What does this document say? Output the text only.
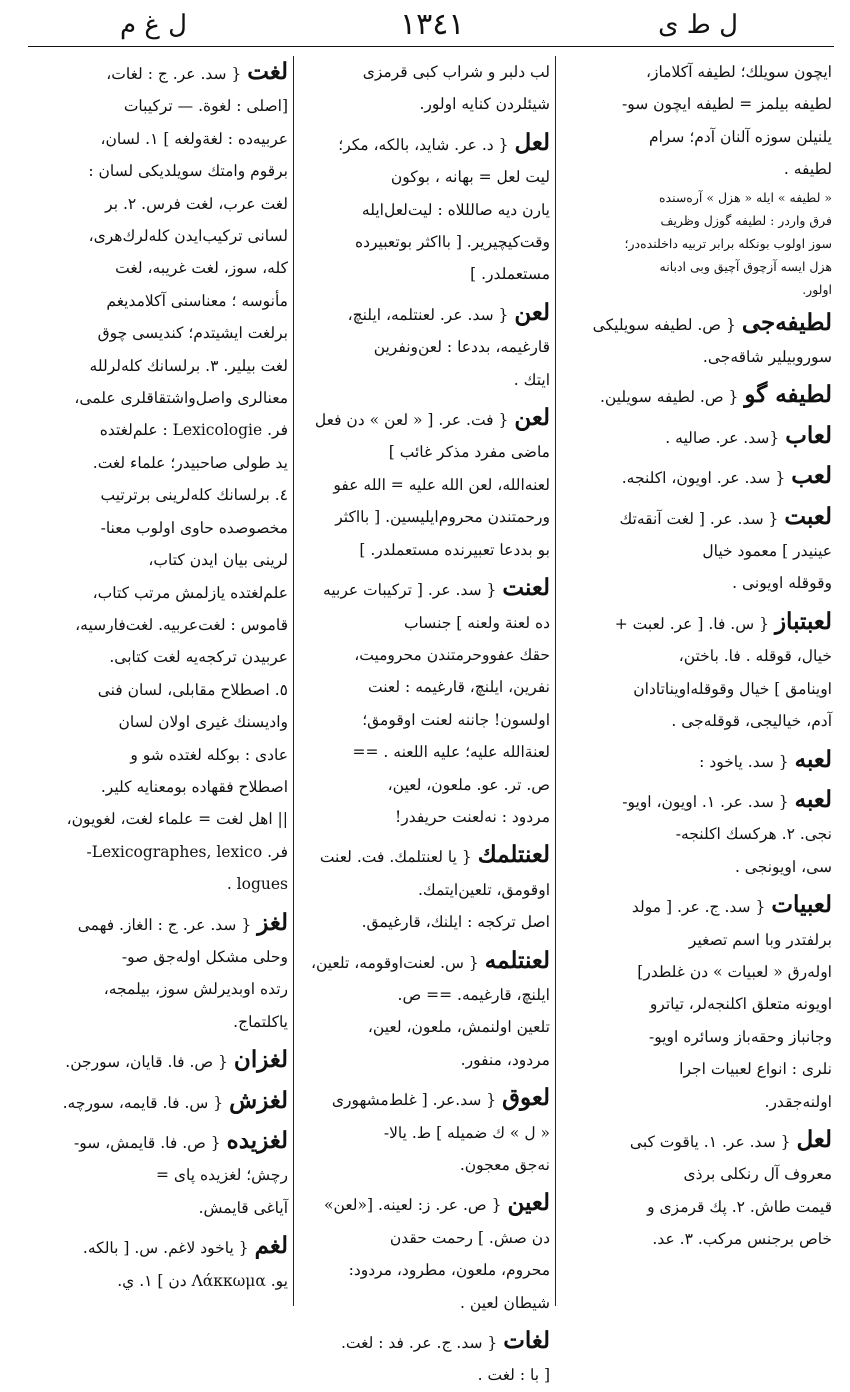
ل غ م	١٣٤١	ل ط ى
ايچون سويلك؛ لطيفه آكلاماز،
لطيفه بيلمز = لطيفه ايچون سو-
يلنيلن سوزه آلنان آدم؛ سرام
لطيفه .
« لطيفه » ايله « هزل » آره‌سنده
فرق واردر : لطيفه گوزل وظريف
سوز اولوب بونكله برابر تربيه داخلنده‌در؛
هزل ايسه آزچوق آچيق وبى ادبانه
اولور.
لطيفه‌جى{ ص. لطيفه سويليكى
سوروبيلير شاقه‌جى.
لطيفه گو{ ص. لطيفه سويلين.
لعاب{سد. عر. صاليه .
لعب{ سد. عر. اويون، اكلنجه.
لعبت{ سد. عر. [ لغت آنقه‌تك
عينيدر ] معمود خيال
وقوقله اويونى .
لعبتباز{ س. فا. [ عر. لعبت +
خيال، قوقله . فا. باختن،
اوينامق ] خيال وقوقله‌اويناتادان
آدم، خياليجى، قوقله‌جى .
لعبه{ سد. ياخود :
لعبه{ سد. عر. ١. اويون، اويو-
نجى. ٢. هركسك اكلنجه-
سى، اويونجى .
لعبيات{ سد. ج. عر. [ مولد
برلفتدر وبا اسم تصغير
اوله‌رق « لعبيات » دن غلطدر]
اويونه متعلق اكلنجه‌لر، تياترو
وجانباز وحقه‌باز وسائره اويو-
نلرى : انواع لعبيات اجرا
اولنه‌جقدر.
لعل{ سد. عر. ١. ياقوت كبى
معروف آل رنكلى برذى
قيمت طاش. ٢. پك قرمزى و
خاص برجنس مركب. ٣. عد.
لب دلبر و شراب كبى قرمزى
شيئلردن كنايه اولور.
لعل{ د. عر. شايد، بالكه، مكر؛
ليت لعل = بهانه ، بوكون
يارن ديه صالللاه : ليت‌لعل‌ايله
وقت‌كيچيرير. [ بااكثر بوتعبيرده
مستعملدر. ]
لعن{ سد. عر. لعنتلمه، ايلنچ،
قارغيمه، بددعا : لعن‌ونفرين
ايتك .
لعن{ فت. عر. [ « لعن » دن فعل
ماضى مفرد مذكر غائب ]
لعنه‌الله، لعن الله عليه = الله عفو
ورحمتندن محروم‌ايليسين. [ بااكثر
بو بددعا تعبيرنده مستعملدر. ]
لعنت{ سد. عر. [ تركيبات عربيه
ده لعنة ولعنه ] جنساب
حقك عفووحرمتندن محروميت،
نفرين، ايلنچ، قارغيمه : لعنت
اولسون! جاننه لعنت اوقومق؛
لعنةالله عليه؛ عليه اللعنه . ==
ص. تر. عو. ملعون، لعين،
مردود : نه‌لعنت حريفدر!
لعنتلمك{ يا لعنتلمك. فت. لعنت
اوقومق، تلعين‌ايتمك.
اصل تركجه : ايلنك، قارغيمق.
لعنتلمه{ س. لعنت‌اوقومه، تلعين،
ايلنچ، قارغيمه. == ص.
تلعين اولنمش، ملعون، لعين،
مردود، منفور.
لعوق{ سد.عر. [ غلط‌مشهورى
« ل » ك ضميله ] ط. يالا-
نه‌جق معجون.
لعين{ ص. عر. ز: لعينه. [«لعن»
دن صش. ] رحمت حقدن
محروم، ملعون، مطرود، مردود:
شيطان لعين .
لغات{ سد. ج. عر. فد : لغت.
[ با : لغت .
لغت{ سد. عر. ج : لغات،
[اصلى : لغوة. — تركيبات
عربيه‌ده : لغةولغه ] ١. لسان،
برقوم وامتك سويلديكى لسان :
لغت عرب، لغت فرس. ٢. بر
لسانى تركيب‌ايدن كله‌لرك‌هرى،
كله، سوز، لغت غريبه، لغت
مأنوسه ؛ معناسنى آكلامديغم
برلغت ايشيتدم؛ كنديسى چوق
لغت بيلير. ٣. برلسانك كله‌لرلله
معنالرى واصل‌واشتقاقلرى علمى،
فر. Lexicologie : علم‌لغتده
يد طولى صاحبيدر؛ علماء لغت.
٤. برلسانك كله‌لرينى برترتيب
مخصوصده حاوى اولوب معنا-
لرينى بيان ايدن كتاب،
علم‌لغتده يازلمش مرتب كتاب،
قاموس : لغت‌عربيه. لغت‌فارسيه،
عربيدن تركجه‌يه لغت كتابى.
٥. اصطلاح مقابلى، لسان فنى
واديسنك غيرى اولان لسان
عادى : بوكله لغتده شو و
اصطلاح فقهاده بومعنايه كلير.
|| اهل لغت = علماء لغت، لغويون،
فر. Lexicographes, lexico-
logues .
لغز{ سد. عر. ج : الغاز. فهمى
وحلى مشكل اوله‌جق صو-
رتده اوبديرلش سوز، بيلمجه،
ياكلتماج.
لغزان{ ص. فا. قايان، سورجن.
لغزش{ س. فا. قايمه، سورچه.
لغزيده{ ص. فا. قايمش، سو-
رچش؛ لغزيده پاى =
آياغى قايمش.
لغم{ ياخود لاغم. س. [ بالكه.
يو. Λάκκωμα دن ] ١. ي.
